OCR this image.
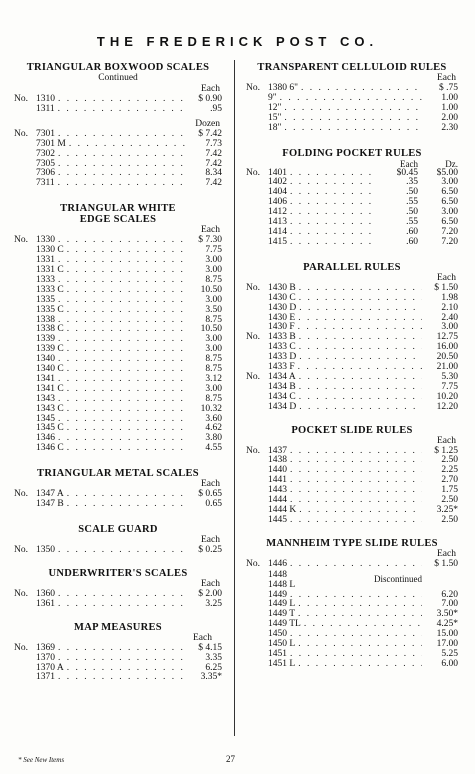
THE FREDERICK POST CO.
TRIANGULAR BOXWOOD SCALES
Continued
Each
No. 1310 . . .	$ 0.90
1311 . . .	.95
Dozen
No. 7301 . . .	$ 7.42
7301 M . . .	7.73
7302 . . .	7.42
7305 . . .	7.42
7306 . . .	8.34
7311 . . .	7.42
TRIANGULAR WHITE EDGE SCALES
Each
No. 1330 . . .	$ 7.30
1330 C . . .	7.75
1331 . . .	3.00
1331 C . . .	3.00
1333 . . .	8.75
1333 C . . .	10.50
1335 . . .	3.00
1335 C . . .	3.50
1338 . . .	8.75
1338 C . . .	10.50
1339 . . .	3.00
1339 C . . .	3.00
1340 . . .	8.75
1340 C . . .	8.75
1341 . . .	3.12
1341 C . . .	3.00
1343 . . .	8.75
1343 C . . .	10.32
1345 . . .	3.60
1345 C . . .	4.62
1346 . . .	3.80
1346 C . . .	4.55
TRIANGULAR METAL SCALES
Each
No. 1347 A . . .	$ 0.65
1347 B . . .	0.65
SCALE GUARD
Each
No. 1350 . . .	$ 0.25
UNDERWRITER'S SCALES
Each
No. 1360 . . .	$ 2.00
1361 . . .	3.25
MAP MEASURES
Each
No. 1369 . . .	$ 4.15
1370 . . .	3.35
1370 A . . .	6.25
1371 . . .	3.35*
TRANSPARENT CELLULOID RULES
Each
No. 1380 6" . . .	$ .75
9" . . .	1.00
12" . . .	1.00
15" . . .	2.00
18" . . .	2.30
FOLDING POCKET RULES
Each	Dz.
No. 1401 . . .	$0.45	$5.00
1402 . . .	.35	3.00
1404 . . .	.50	6.50
1406 . . .	.55	6.50
1412 . . .	.50	3.00
1413 . . .	.55	6.50
1414 . . .	.60	7.20
1415 . . .	.60	7.20
PARALLEL RULES
Each
No. 1430 B . . .	$ 1.50
1430 C . . .	1.98
1430 D . . .	2.10
1430 E . . .	2.40
1430 F . . .	3.00
No. 1433 B . . .	12.75
1433 C . . .	16.00
1433 D . . .	20.50
1433 F . . .	21.00
No. 1434 A . . .	5.30
1434 B . . .	7.75
1434 C . . .	10.20
1434 D . . .	12.20
POCKET SLIDE RULES
Each
No. 1437 . . .	$ 1.25
1438 . . .	2.50
1440 . . .	2.25
1441 . . .	2.70
1443 . . .	1.75
1444 . . .	2.50
1444 K . . .	3.25*
1445 . . .	2.50
MANNHEIM TYPE SLIDE RULES
Each
No. 1446 . . .	$ 1.50
1448	Discontinued
1448 L
1449 . . .	6.20
1449 L . . .	7.00
1449 T . . .	3.50*
1449 TL . . .	4.25*
1450 . . .	15.00
1450 L . . .	17.00
1451 . . .	5.25
1451 L . . .	6.00
* See New Items	27
